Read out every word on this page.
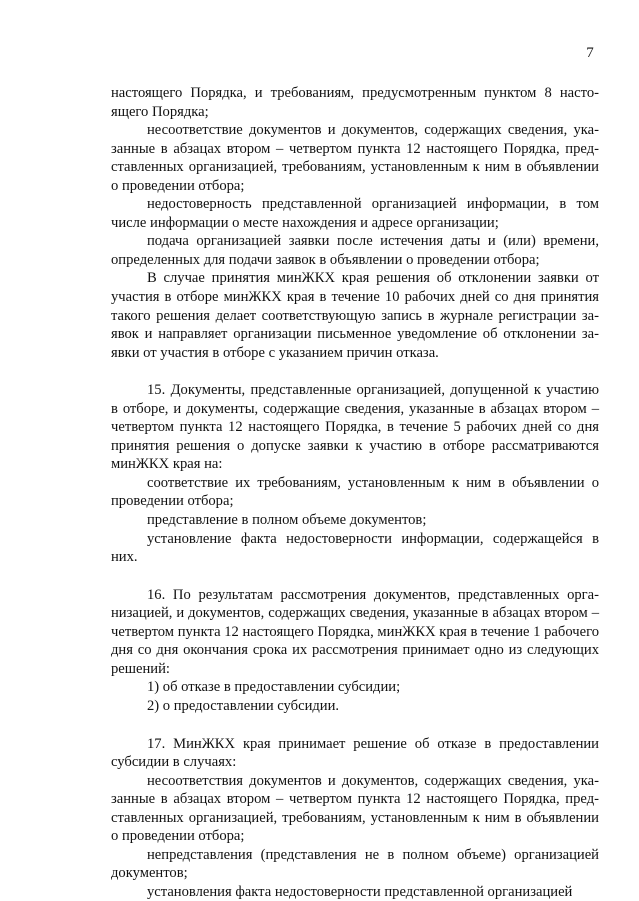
7

настоящего Порядка, и требованиям, предусмотренным пунктом 8 настоящего Порядка;

несоответствие документов и документов, содержащих сведения, указанные в абзацах втором – четвертом пункта 12 настоящего Порядка, представленных организацией, требованиям, установленным к ним в объявлении о проведении отбора;

недостоверность представленной организацией информации, в том числе информации о месте нахождения и адресе организации;

подача организацией заявки после истечения даты и (или) времени, определенных для подачи заявок в объявлении о проведении отбора;

В случае принятия минЖКХ края решения об отклонении заявки от участия в отборе минЖКХ края в течение 10 рабочих дней со дня принятия такого решения делает соответствующую запись в журнале регистрации заявок и направляет организации письменное уведомление об отклонении заявки от участия в отборе с указанием причин отказа.

15. Документы, представленные организацией, допущенной к участию в отборе, и документы, содержащие сведения, указанные в абзацах втором – четвертом пункта 12 настоящего Порядка, в течение 5 рабочих дней со дня принятия решения о допуске заявки к участию в отборе рассматриваются минЖКХ края на:

соответствие их требованиям, установленным к ним в объявлении о проведении отбора;

представление в полном объеме документов;

установление факта недостоверности информации, содержащейся в них.

16. По результатам рассмотрения документов, представленных организацией, и документов, содержащих сведения, указанные в абзацах втором – четвертом пункта 12 настоящего Порядка, минЖКХ края в течение 1 рабочего дня со дня окончания срока их рассмотрения принимает одно из следующих решений:

1) об отказе в предоставлении субсидии;

2) о предоставлении субсидии.

17. МинЖКХ края принимает решение об отказе в предоставлении субсидии в случаях:

несоответствия документов и документов, содержащих сведения, указанные в абзацах втором – четвертом пункта 12 настоящего Порядка, представленных организацией, требованиям, установленным к ним в объявлении о проведении отбора;

непредставления (представления не в полном объеме) организацией документов;

установления факта недостоверности представленной организацией
